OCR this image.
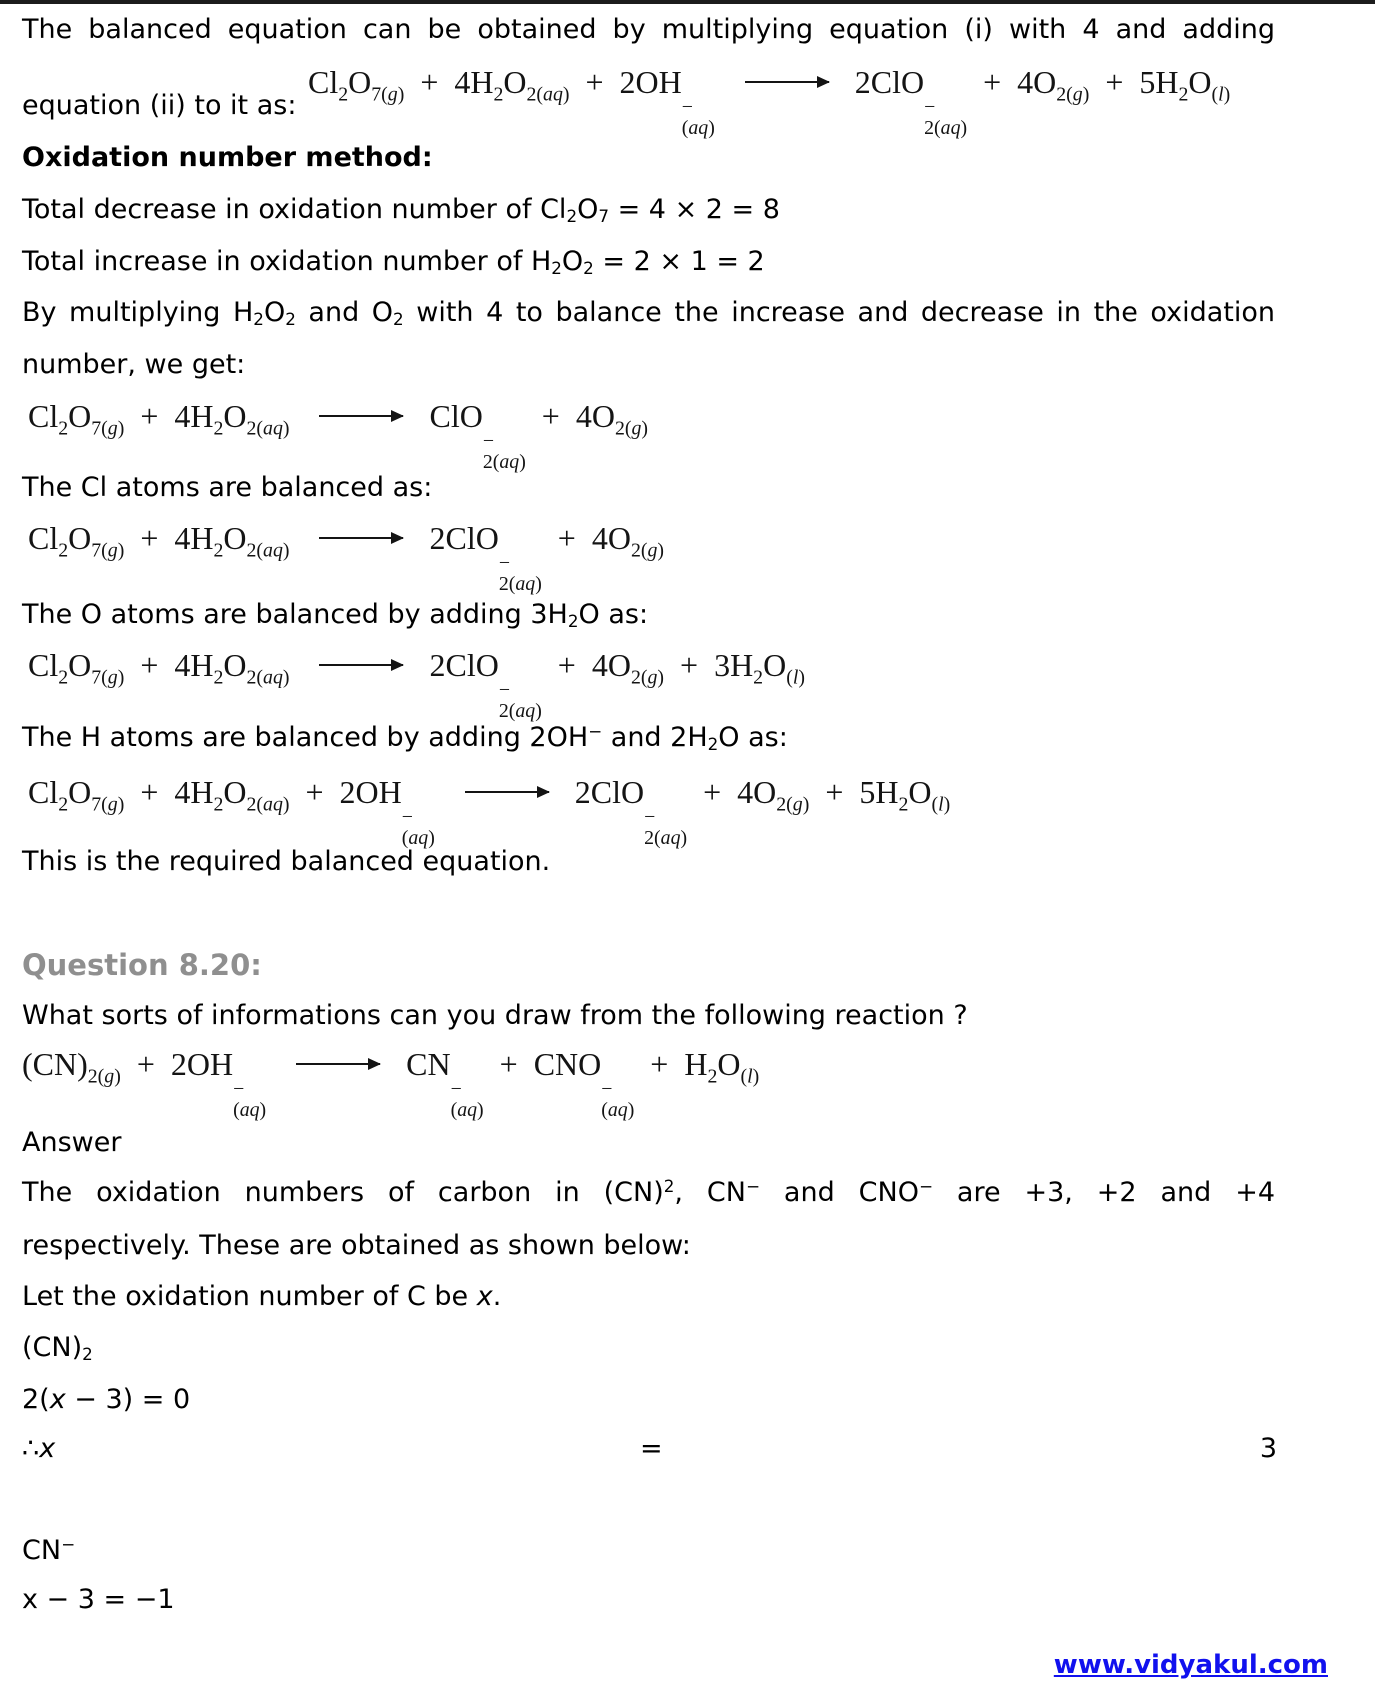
The balanced equation can be obtained by multiplying equation (i) with 4 and adding
equation (ii) to it as:
$Cl_2O_{7(g)} + 4H_2O_{2(aq)} + 2OH$
−
(aq)
→ 2ClO
−
2(aq)
+ $4O_{2(g)} + 5H_2O_{(l)}$
Oxidation number method:
Total decrease in oxidation number of $Cl_2O_7 = 4 \times 2 = 8$
Total increase in oxidation number of $H_2O_2 = 2 \times 1 = 2$
By multiplying $H_2O_2$ and $O_2$ with 4 to balance the increase and decrease in the oxidation
number, we get:
$Cl_2O_{7(g)} + 4H_2O_{2(aq)}$ → ClO
−
2(aq)
+ $4O_{2(g)}$
The Cl atoms are balanced as:
$Cl_2O_{7(g)} + 4H_2O_{2(aq)} \to 2ClO$
−
2(aq)
+ $4O_{2(g)}$
The O atoms are balanced by adding $3H_2O$ as:
$Cl_2O_{7(g)} + 4H_2O_{2(aq)} \to 2ClO$
−
2(aq)
+ $4O_{2(g)} + 3H_2O_{(l)}$
The H atoms are balanced by adding 2OH− and $2H_2O$ as:
$Cl_2O_{7(g)} + 4H_2O_{2(aq)} + 2OH$
−
(aq)
→ 2ClO
−
2(aq)
+ $4O_{2(g)} + 5H_2O_{(l)}$
This is the required balanced equation.
Question 8.20:
What sorts of informations can you draw from the following reaction ?
$(CN)_{2(g)} + 2OH$
−
(aq)
→ CN
−
(aq)
+ CNO
−
(aq)
+ $H_2O_{(l)}$
Answer
The oxidation numbers of carbon in (CN)$^2$, CN− and CNO− are +3, +2 and +4
respectively. These are obtained as shown below:
Let the oxidation number of C be x.
$(CN)_2$
2(x − 3) = 0
∴x	=	3
CN−
x − 3 = −1
www.vidyakul.com
